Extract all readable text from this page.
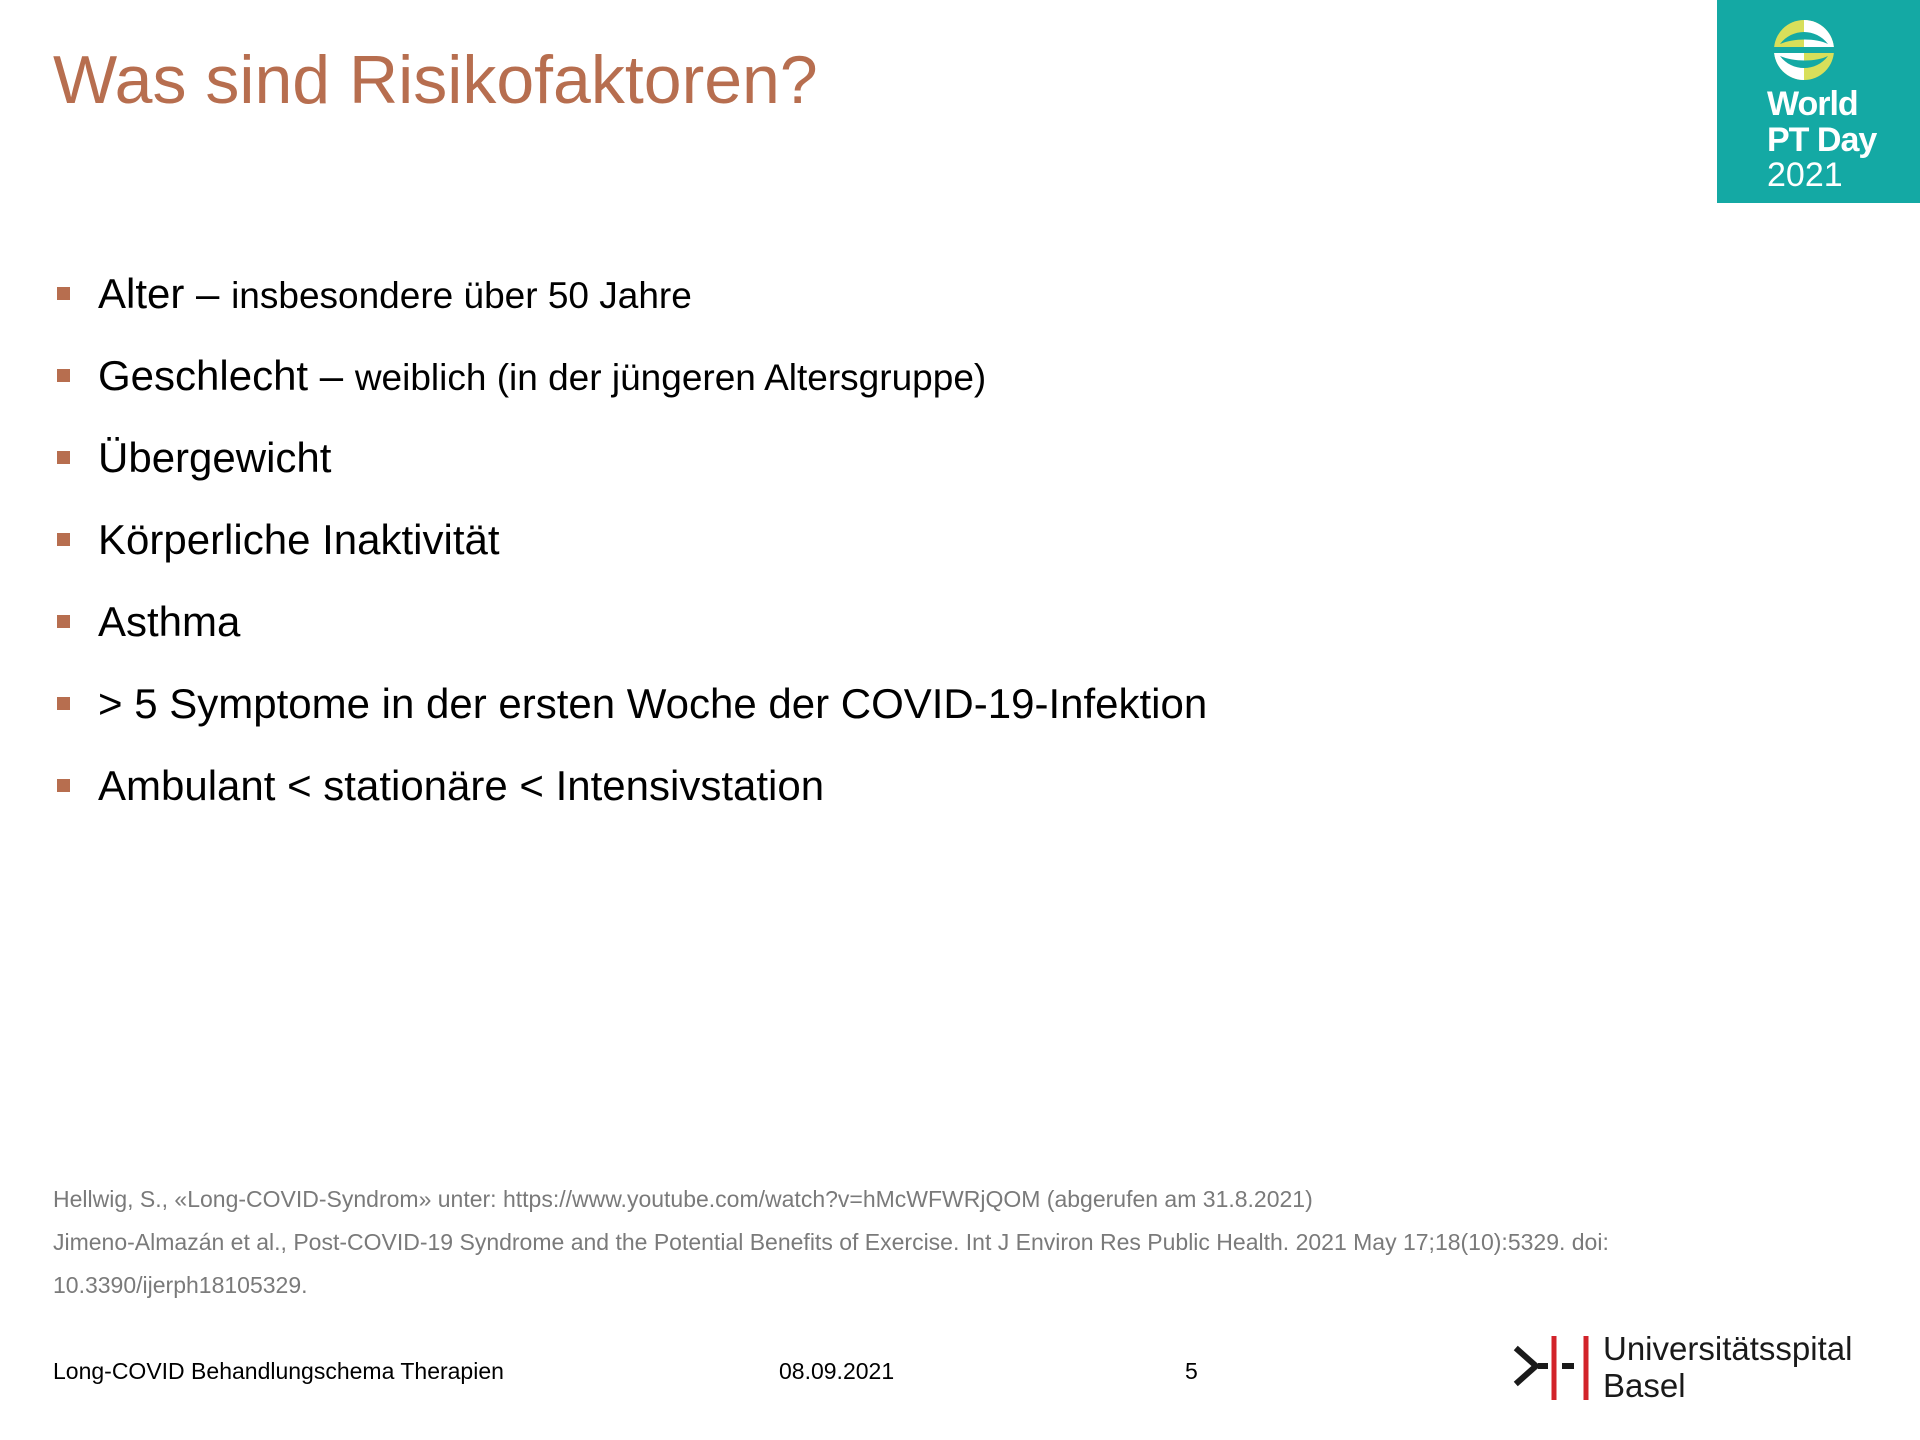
Was sind Risikofaktoren?	World
PT Day
2021
Alter – insbesondere über 50 Jahre
Geschlecht – weiblich (in der jüngeren Altersgruppe)
Übergewicht
Körperliche Inaktivität
Asthma
> 5 Symptome in der ersten Woche der COVID-19-Infektion
Ambulant < stationäre < Intensivstation
Hellwig, S., «Long-COVID-Syndrom» unter: https://www.youtube.com/watch?v=hMcWFWRjQOM (abgerufen am 31.8.2021)
Jimeno-Almazán et al., Post-COVID-19 Syndrome and the Potential Benefits of Exercise. Int J Environ Res Public Health. 2021 May 17;18(10):5329. doi:
10.3390/ijerph18105329.
Long-COVID Behandlungschema Therapien	08.09.2021	5
Universitätsspital
Basel
